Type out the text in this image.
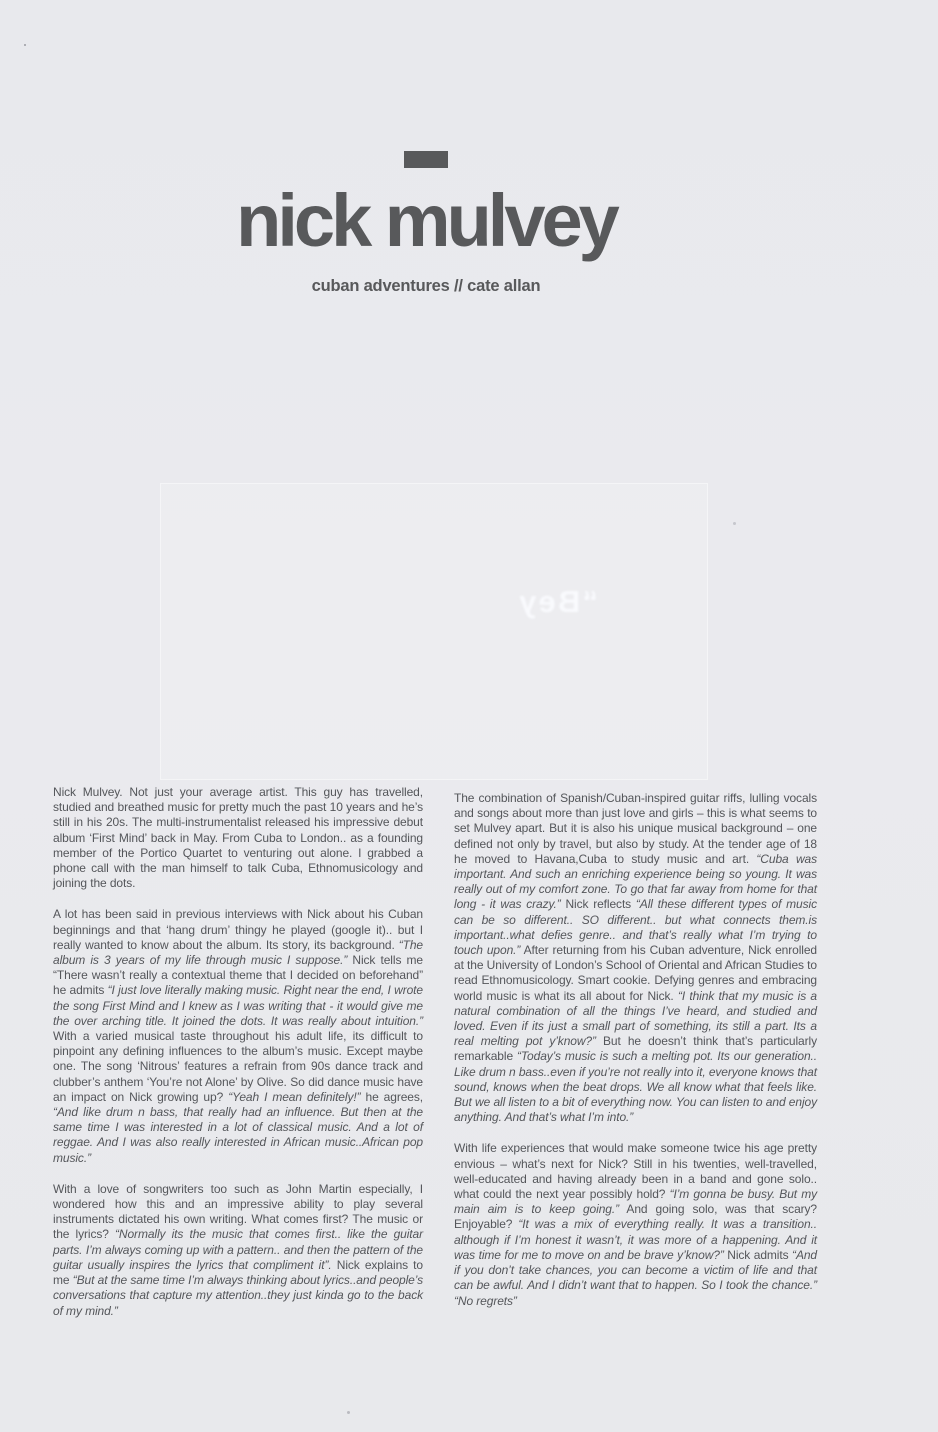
nick mulvey
cuban adventures // cate allan
“Bey

Nick Mulvey. Not just your average artist. This guy has travelled, studied and breathed music for pretty much the past 10 years and he’s still in his 20s. The multi-instrumentalist released his impressive debut album ‘First Mind’ back in May. From Cuba to London.. as a founding member of the Portico Quartet to venturing out alone. I grabbed a phone call with the man himself to talk Cuba, Ethnomusicology and joining the dots.

A lot has been said in previous interviews with Nick about his Cuban beginnings and that ‘hang drum’ thingy he played (google it).. but I really wanted to know about the album. Its story, its background. “The album is 3 years of my life through music I suppose.” Nick tells me “There wasn’t really a contextual theme that I decided on beforehand” he admits “I just love literally making music. Right near the end, I wrote the song First Mind and I knew as I was writing that - it would give me the over arching title. It joined the dots. It was really about intuition.” With a varied musical taste throughout his adult life, its difficult to pinpoint any defining influences to the album’s music. Except maybe one. The song ‘Nitrous’ features a refrain from 90s dance track and clubber’s anthem ‘You’re not Alone’ by Olive. So did dance music have an impact on Nick growing up? “Yeah I mean definitely!” he agrees, “And like drum n bass, that really had an influence. But then at the same time I was interested in a lot of classical music. And a lot of reggae. And I was also really interested in African music..African pop music.”

With a love of songwriters too such as John Martin especially, I wondered how this and an impressive ability to play several instruments dictated his own writing. What comes first? The music or the lyrics? “Normally its the music that comes first.. like the guitar parts. I’m always coming up with a pattern.. and then the pattern of the guitar usually inspires the lyrics that compliment it”. Nick explains to me “But at the same time I’m always thinking about lyrics..and people’s conversations that capture my attention..they just kinda go to the back of my mind.”

The combination of Spanish/Cuban-inspired guitar riffs, lulling vocals and songs about more than just love and girls – this is what seems to set Mulvey apart. But it is also his unique musical background – one defined not only by travel, but also by study. At the tender age of 18 he moved to Havana,Cuba to study music and art. “Cuba was important. And such an enriching experience being so young. It was really out of my comfort zone. To go that far away from home for that long - it was crazy.” Nick reflects “All these different types of music can be so different.. SO different.. but what connects them.is important..what defies genre.. and that’s really what I’m trying to touch upon.” After returning from his Cuban adventure, Nick enrolled at the University of London’s School of Oriental and African Studies to read Ethnomusicology. Smart cookie. Defying genres and embracing world music is what its all about for Nick. “I think that my music is a natural combination of all the things I’ve heard, and studied and loved. Even if its just a small part of something, its still a part. Its a real melting pot y’know?” But he doesn’t think that’s particularly remarkable “Today’s music is such a melting pot. Its our generation.. Like drum n bass..even if you’re not really into it, everyone knows that sound, knows when the beat drops. We all know what that feels like. But we all listen to a bit of everything now. You can listen to and enjoy anything. And that’s what I’m into.”

With life experiences that would make someone twice his age pretty envious – what’s next for Nick? Still in his twenties, well-travelled, well-educated and having already been in a band and gone solo.. what could the next year possibly hold? “I’m gonna be busy. But my main aim is to keep going.” And going solo, was that scary? Enjoyable? “It was a mix of everything really. It was a transition.. although if I’m honest it wasn’t, it was more of a happening. And it was time for me to move on and be brave y’know?” Nick admits “And if you don’t take chances, you can become a victim of life and that can be awful. And I didn’t want that to happen. So I took the chance.” “No regrets”
